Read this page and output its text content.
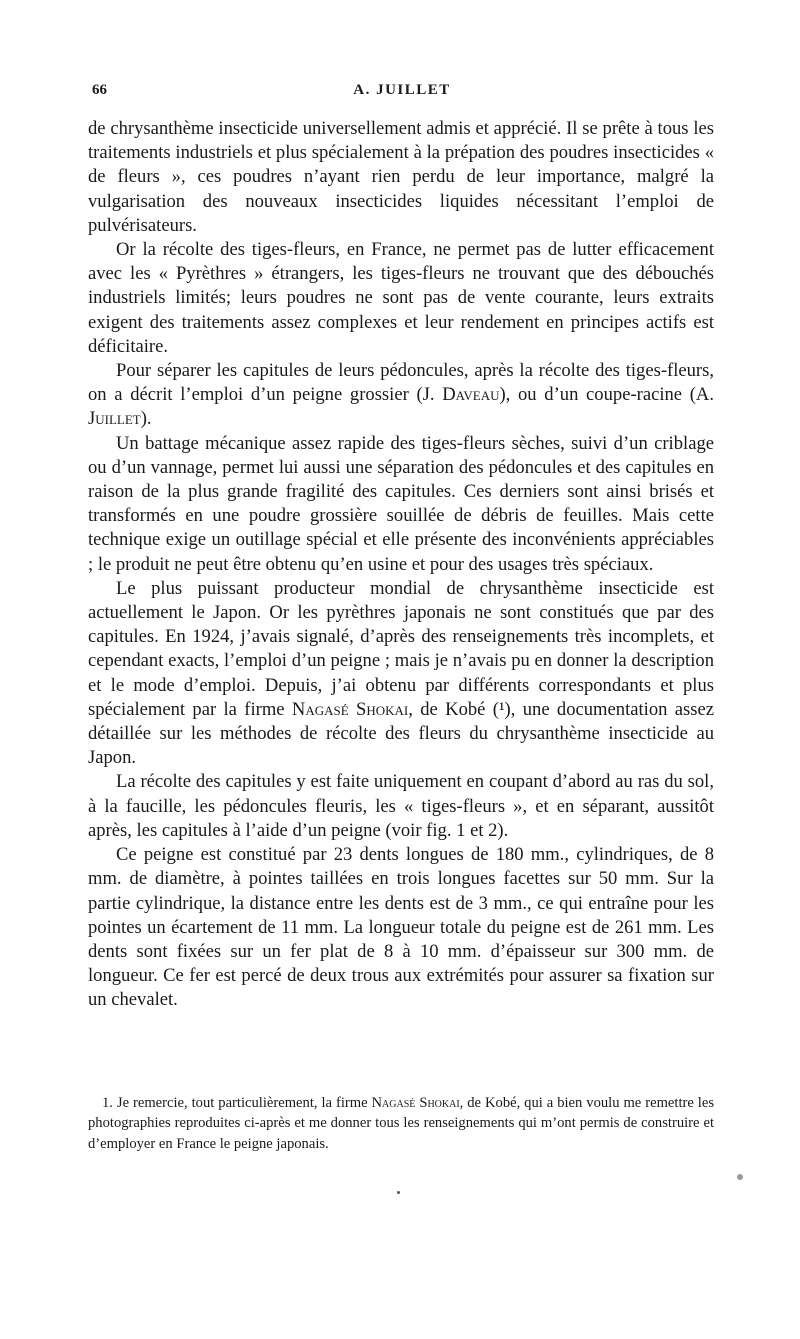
66	A. JUILLET

de chrysanthème insecticide universellement admis et apprécié. Il se prête à tous les traitements industriels et plus spécialement à la prépation des poudres insecticides « de fleurs », ces poudres n’ayant rien perdu de leur importance, malgré la vulgarisation des nouveaux insecticides liquides nécessitant l’emploi de pulvérisateurs.

Or la récolte des tiges-fleurs, en France, ne permet pas de lutter efficacement avec les « Pyrèthres » étrangers, les tiges-fleurs ne trouvant que des débouchés industriels limités; leurs poudres ne sont pas de vente courante, leurs extraits exigent des traitements assez complexes et leur rendement en principes actifs est déficitaire.

Pour séparer les capitules de leurs pédoncules, après la récolte des tiges-fleurs, on a décrit l’emploi d’un peigne grossier (J. Daveau), ou d’un coupe-racine (A. Juillet).

Un battage mécanique assez rapide des tiges-fleurs sèches, suivi d’un criblage ou d’un vannage, permet lui aussi une séparation des pédoncules et des capitules en raison de la plus grande fragilité des capitules. Ces derniers sont ainsi brisés et transformés en une poudre grossière souillée de débris de feuilles. Mais cette technique exige un outillage spécial et elle présente des inconvénients appréciables ; le produit ne peut être obtenu qu’en usine et pour des usages très spéciaux.

Le plus puissant producteur mondial de chrysanthème insecticide est actuellement le Japon. Or les pyrèthres japonais ne sont constitués que par des capitules. En 1924, j’avais signalé, d’après des renseignements très incomplets, et cependant exacts, l’emploi d’un peigne ; mais je n’avais pu en donner la description et le mode d’emploi. Depuis, j’ai obtenu par différents correspondants et plus spécialement par la firme Nagasé Shokai, de Kobé (¹), une documentation assez détaillée sur les méthodes de récolte des fleurs du chrysanthème insecticide au Japon.

La récolte des capitules y est faite uniquement en coupant d’abord au ras du sol, à la faucille, les pédoncules fleuris, les « tiges-fleurs », et en séparant, aussitôt après, les capitules à l’aide d’un peigne (voir fig. 1 et 2).

Ce peigne est constitué par 23 dents longues de 180 mm., cylindriques, de 8 mm. de diamètre, à pointes taillées en trois longues facettes sur 50 mm. Sur la partie cylindrique, la distance entre les dents est de 3 mm., ce qui entraîne pour les pointes un écartement de 11 mm. La longueur totale du peigne est de 261 mm. Les dents sont fixées sur un fer plat de 8 à 10 mm. d’épaisseur sur 300 mm. de longueur. Ce fer est percé de deux trous aux extrémités pour assurer sa fixation sur un chevalet.

1. Je remercie, tout particulièrement, la firme Nagasé Shokai, de Kobé, qui a bien voulu me remettre les photographies reproduites ci-après et me donner tous les renseignements qui m’ont permis de construire et d’employer en France le peigne japonais.
